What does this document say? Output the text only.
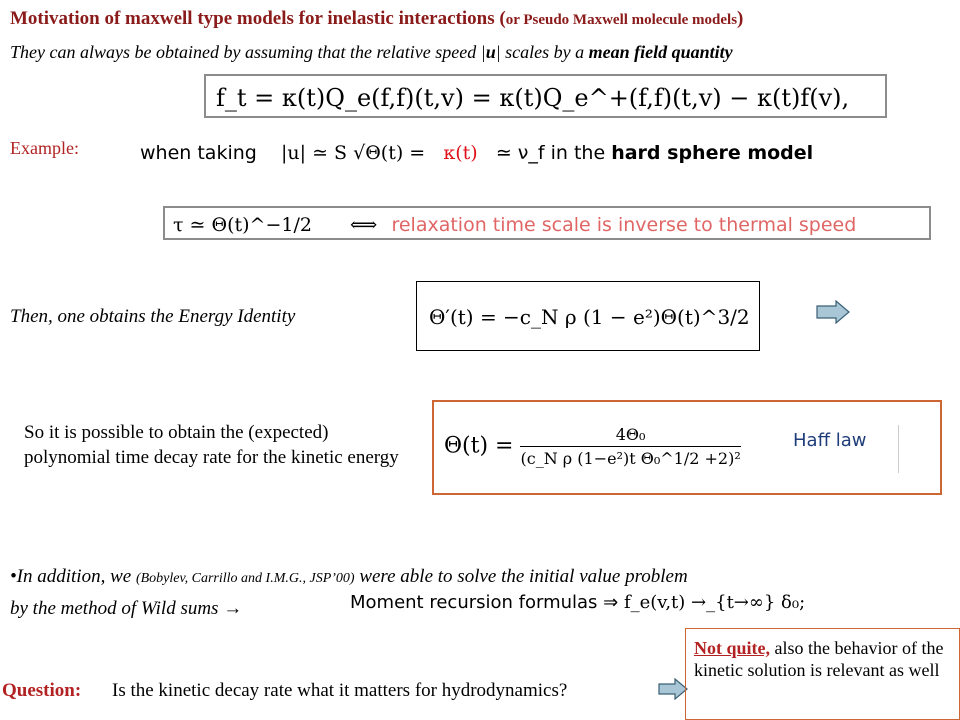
Motivation of maxwell type models for inelastic interactions (or Pseudo Maxwell molecule models)
They can always be obtained by assuming that the relative speed |u| scales by a mean field quantity
f_t = κ(t)Q_e(f,f)(t,v) = κ(t)Q_e^+(f,f)(t,v) − κ(t)f(v),
Example:	when taking |u| ≃ S √Θ(t) = κ(t) ≃ ν_f in the hard sphere model
τ ≃ Θ(t)^−1/2 ⟺ relaxation time scale is inverse to thermal speed
Then, one obtains the Energy Identity	Θ′(t) = −c_N ρ (1 − e²)Θ(t)^3/2
So it is possible to obtain the (expected) polynomial time decay rate for the kinetic energy	$\Theta(t) = \frac{\text{4Θ₀}}{\text{(c\_N ρ (1−e²)t Θ₀\textasciicircum{}1/2 +2)²}}$	Haff law
•In addition, we (Bobylev, Carrillo and I.M.G., JSP’00) were able to solve the initial value problem
by the method of Wild sums →	Moment recursion formulas ⇒ f_e(v,t) →_{t→∞} δ₀;
Question: Is the kinetic decay rate what it matters for hydrodynamics?
Not quite, also the behavior of the kinetic solution is relevant as well
